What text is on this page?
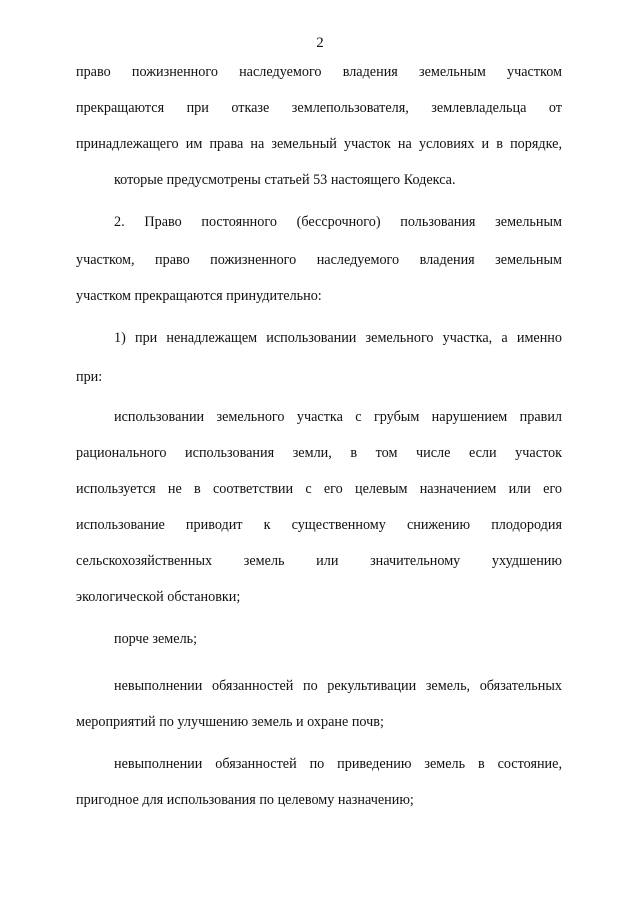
2
право пожизненного наследуемого владения земельным участком
прекращаются при отказе землепользователя, землевладельца от
принадлежащего им права на земельный участок на условиях и в порядке,
которые предусмотрены статьей 53 настоящего Кодекса.
2. Право постоянного (бессрочного) пользования земельным
участком, право пожизненного наследуемого владения земельным
участком прекращаются принудительно:
1) при ненадлежащем использовании земельного участка, а именно
при:
использовании земельного участка с грубым нарушением правил
рационального использования земли, в том числе если участок
используется не в соответствии с его целевым назначением или его
использование приводит к существенному снижению плодородия
сельскохозяйственных земель или значительному ухудшению
экологической обстановки;
порче земель;
невыполнении обязанностей по рекультивации земель, обязательных
мероприятий по улучшению земель и охране почв;
невыполнении обязанностей по приведению земель в состояние,
пригодное для использования по целевому назначению;
